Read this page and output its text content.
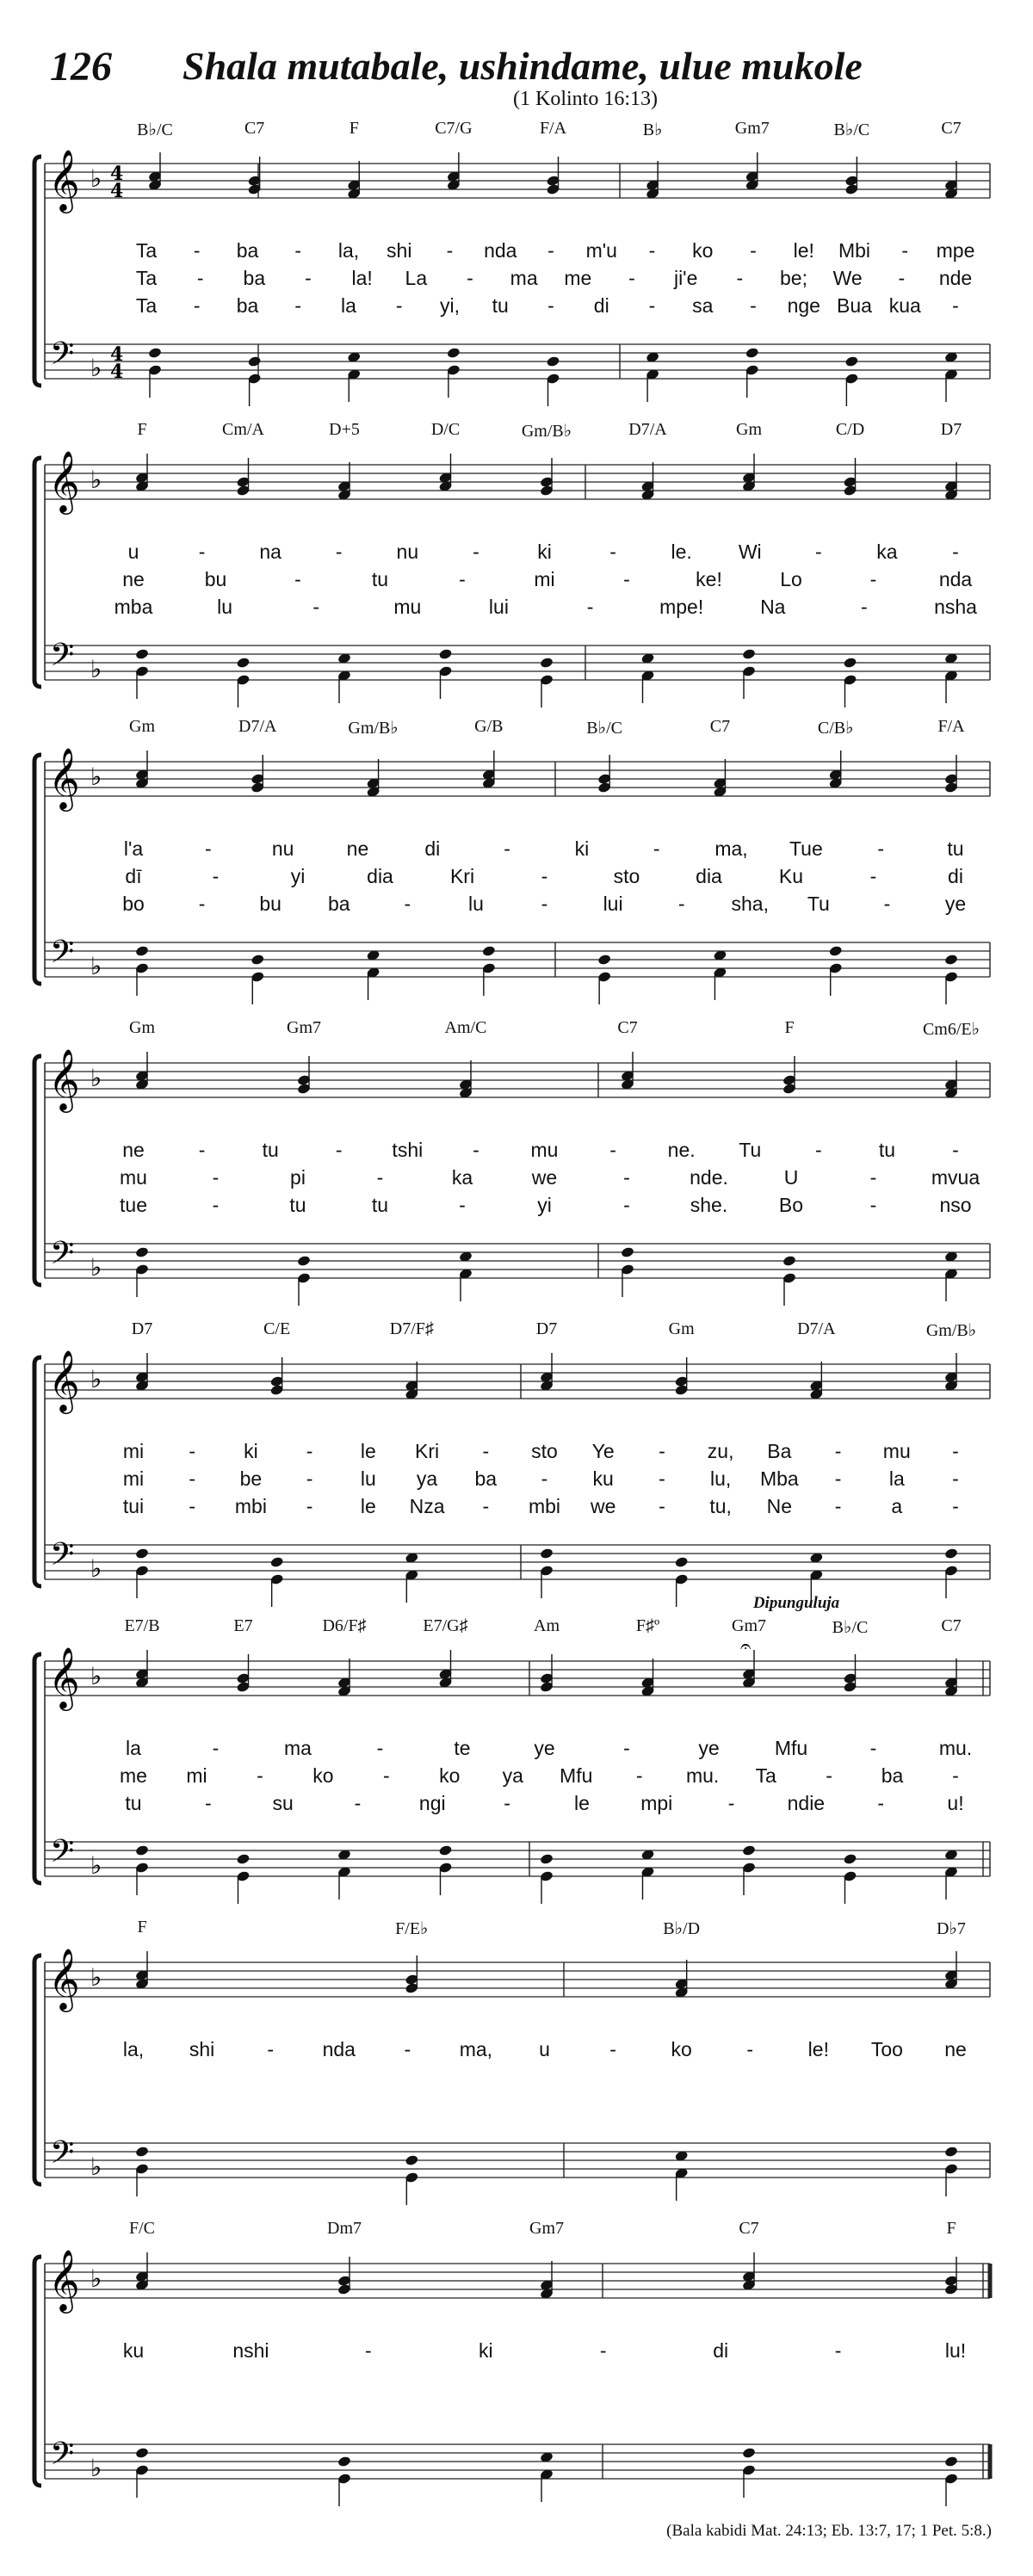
126 Shala mutabale, ushindame, ulue mukole
(1 Kolinto 16:13)
𝄞
𝄢
♭
♭
4
4
4
4
B♭/C	C7	F	C7/G	F/A	B♭	Gm7	B♭/C	C7
Ta - ba - la, shi - nda - m'u - ko - le! Mbi - mpe
Ta - ba - la! La - ma me - ji'e - be; We - nde
Ta - ba - la - yi, tu - di - sa - nge Bua kua -
𝄞
𝄢
♭
♭
F	Cm/A	D+5	D/C	Gm/B♭	D7/A	Gm	C/D	D7
u	-	na	-	nu	-	ki	-	le. Wi	-	ka	-
ne	bu	-	tu	-	mi	-	ke!	Lo	-	nda
mba	lu	-	mu	lui	-	mpe!	Na	-	nsha
𝄞
𝄢
♭
♭
Gm	D7/A	Gm/B♭	G/B	B♭/C	C7	C/B♭	F/A
l'a	-	nu	ne	di	-	ki	-	ma, Tue	-	tu
dī	-	yi	dia	Kri	-	sto	dia	Ku	-	di
bo	-	bu ba	-	lu	-	lui	- sha, Tu	-	ye
𝄞
𝄢
♭
♭
Gm	Gm7	Am/C	C7	F	Cm6/E♭
ne	-	tu	-	tshi	-	mu	-	ne. Tu	-	tu	-
mu	-	pi	-	ka	we	-	nde.	U	-	mvua
tue	-	tu	tu	-	yi	-	she.	Bo	-	nso
𝄞
𝄢
♭
♭
D7	C/E	D7/F♯	D7	Gm	D7/A	Gm/B♭
mi - ki - le Kri - sto Ye - zu, Ba - mu -
mi - be - lu ya ba - ku - lu, Mba - la -
tui - mbi - le Nza - mbi we - tu, Ne -	a	-
𝄞
𝄢
♭
♭
𝄐
E7/B	E7	D6/F♯	E7/G♯	Am	F♯º	Gm7	B♭/C	C7
Dipunguluja
la	-	ma	-	te	ye	-	ye	Mfu	-	mu.
me mi - ko - ko ya Mfu - mu. Ta - ba -
tu	-	su	-	ngi	-	le	mpi	-	ndie	-	u!
𝄞
𝄢
♭
♭
F	F/E♭	B♭/D	D♭7
la, shi	- nda - ma, u	-	ko	-	le! Too ne
𝄞
𝄢
♭
♭
F/C	Dm7	Gm7	C7	F
ku	nshi	-	ki	-	di	-	lu!
(Bala kabidi Mat. 24:13; Eb. 13:7, 17; 1 Pet. 5:8.)
